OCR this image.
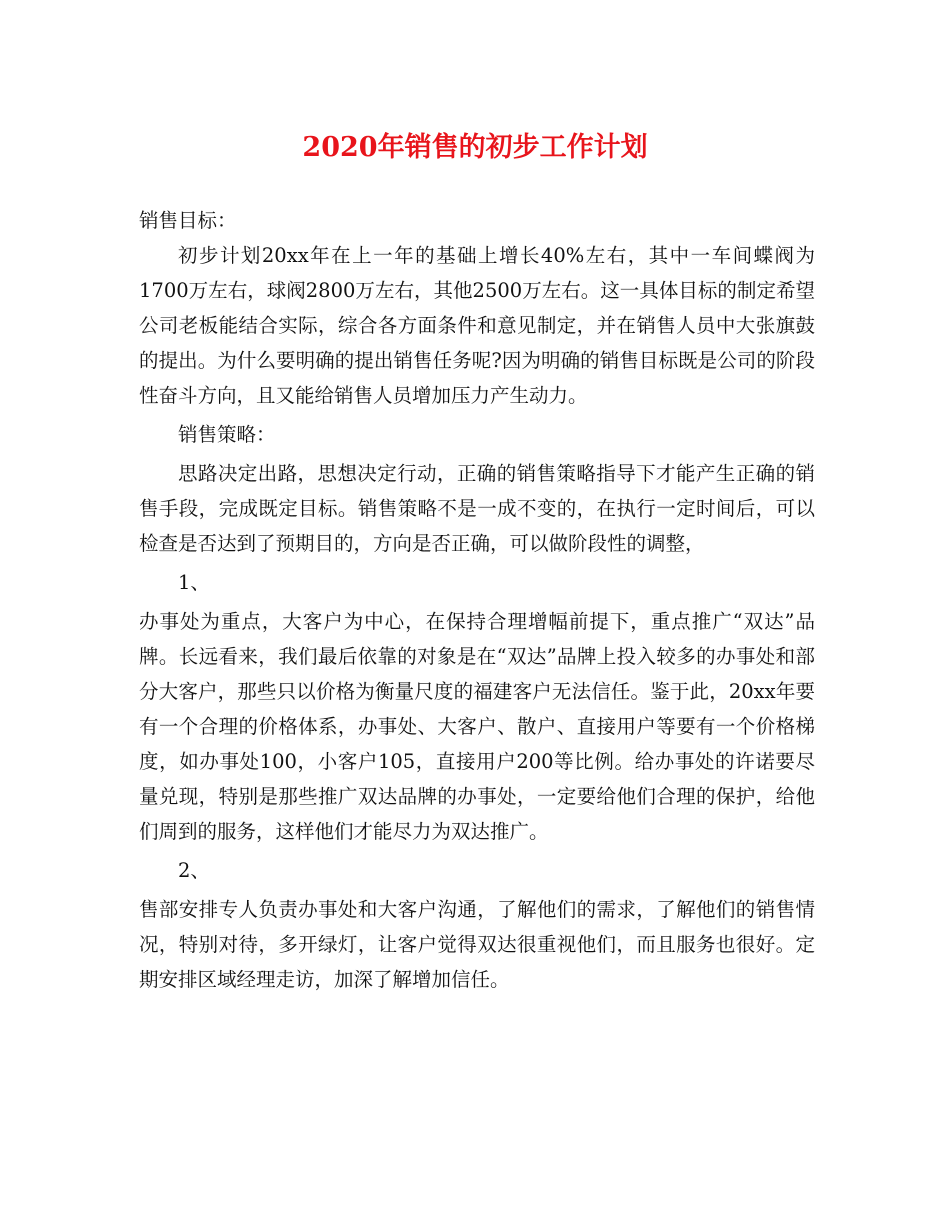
2020年销售的初步工作计划

销售目标：

初步计划20xx年在上一年的基础上增长40%左右，其中一车间蝶阀为1700万左右，球阀2800万左右，其他2500万左右。这一具体目标的制定希望公司老板能结合实际，综合各方面条件和意见制定，并在销售人员中大张旗鼓的提出。为什么要明确的提出销售任务呢?因为明确的销售目标既是公司的阶段性奋斗方向，且又能给销售人员增加压力产生动力。

销售策略：

思路决定出路，思想决定行动，正确的销售策略指导下才能产生正确的销售手段，完成既定目标。销售策略不是一成不变的，在执行一定时间后，可以检查是否达到了预期目的，方向是否正确，可以做阶段性的调整，

1、

办事处为重点，大客户为中心，在保持合理增幅前提下，重点推广“双达”品牌。长远看来，我们最后依靠的对象是在“双达”品牌上投入较多的办事处和部分大客户，那些只以价格为衡量尺度的福建客户无法信任。鉴于此，20xx年要有一个合理的价格体系，办事处、大客户、散户、直接用户等要有一个价格梯度，如办事处100，小客户105，直接用户200等比例。给办事处的许诺要尽量兑现，特别是那些推广双达品牌的办事处，一定要给他们合理的保护，给他们周到的服务，这样他们才能尽力为双达推广。

2、

售部安排专人负责办事处和大客户沟通，了解他们的需求，了解他们的销售情况，特别对待，多开绿灯，让客户觉得双达很重视他们，而且服务也很好。定期安排区域经理走访，加深了解增加信任。
